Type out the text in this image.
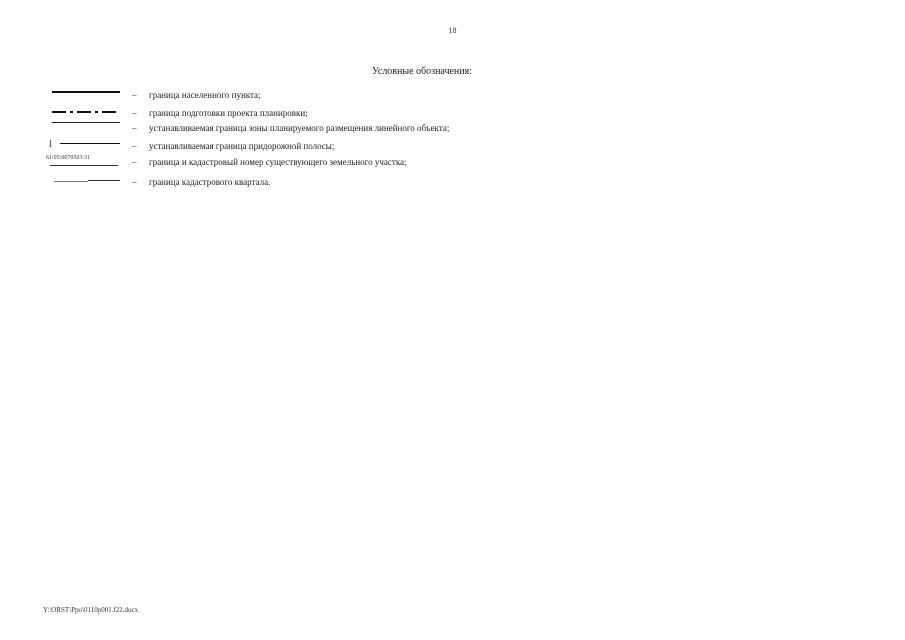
18
Условные обозначения:
– граница населенного пункта;
– граница подготовки проекта планировки;
– устанавливаемая граница зоны планируемого размещения линейного объекта;
I	– устанавливаемая граница придорожной полосы;
61:05:0070503:31	– граница и кадастровый номер существующего земельного участка;
– граница кадастрового квартала.
Y:\ORST\Ppo\0110p001.f22.docx
